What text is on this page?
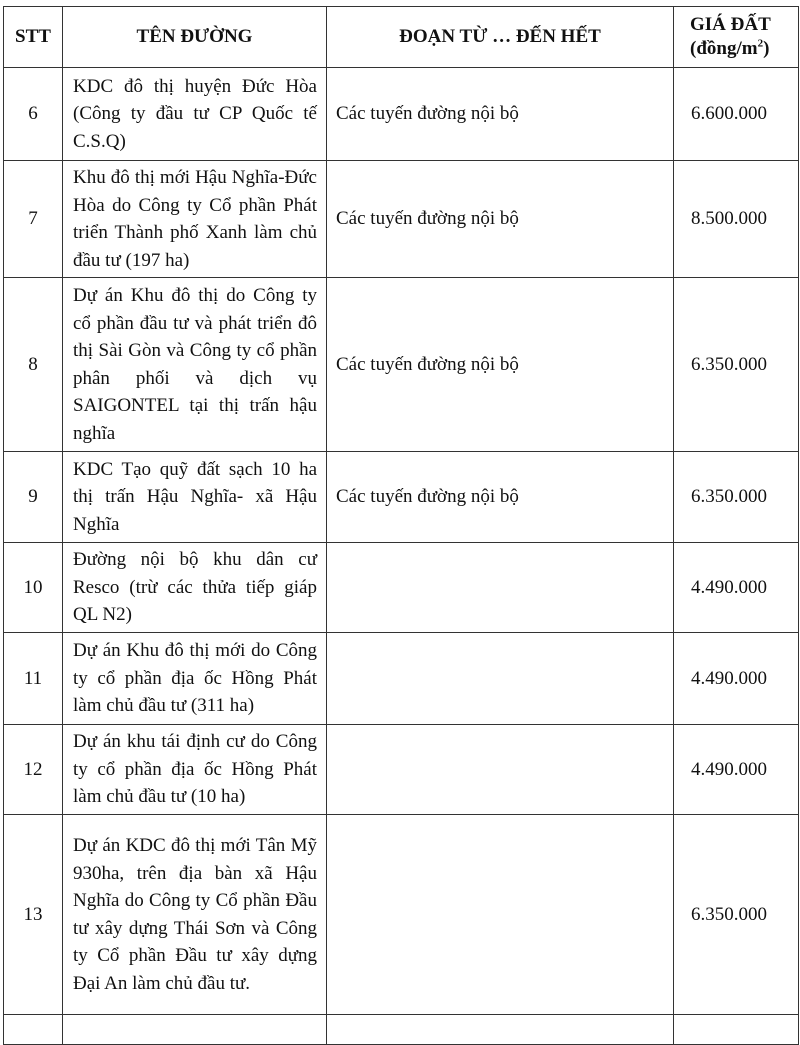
STT	TÊN ĐƯỜNG	ĐOẠN TỪ … ĐẾN HẾT	GIÁ ĐẤT
$(đồng/m^2)$
6	KDC đô thị huyện Đức Hòa (Công ty đầu tư CP Quốc tế C.S.Q)	Các tuyến đường nội bộ	6.600.000
7	Khu đô thị mới Hậu Nghĩa-Đức Hòa do Công ty Cổ phần Phát triển Thành phố Xanh làm chủ đầu tư (197 ha)	Các tuyến đường nội bộ	8.500.000
8	Dự án Khu đô thị do Công ty cổ phần đầu tư và phát triển đô thị Sài Gòn và Công ty cổ phần phân phối và dịch vụ SAIGONTEL tại thị trấn hậu nghĩa	Các tuyến đường nội bộ	6.350.000
9	KDC Tạo quỹ đất sạch 10 ha thị trấn Hậu Nghĩa- xã Hậu Nghĩa	Các tuyến đường nội bộ	6.350.000
10	Đường nội bộ khu dân cư Resco (trừ các thửa tiếp giáp QL N2)		4.490.000
11	Dự án Khu đô thị mới do Công ty cổ phần địa ốc Hồng Phát làm chủ đầu tư (311 ha)		4.490.000
12	Dự án khu tái định cư do Công ty cổ phần địa ốc Hồng Phát làm chủ đầu tư (10 ha)		4.490.000
13	Dự án KDC đô thị mới Tân Mỹ 930ha, trên địa bàn xã Hậu Nghĩa do Công ty Cổ phần Đầu tư xây dựng Thái Sơn và Công ty Cổ phần Đầu tư xây dựng Đại An làm chủ đầu tư.		6.350.000
